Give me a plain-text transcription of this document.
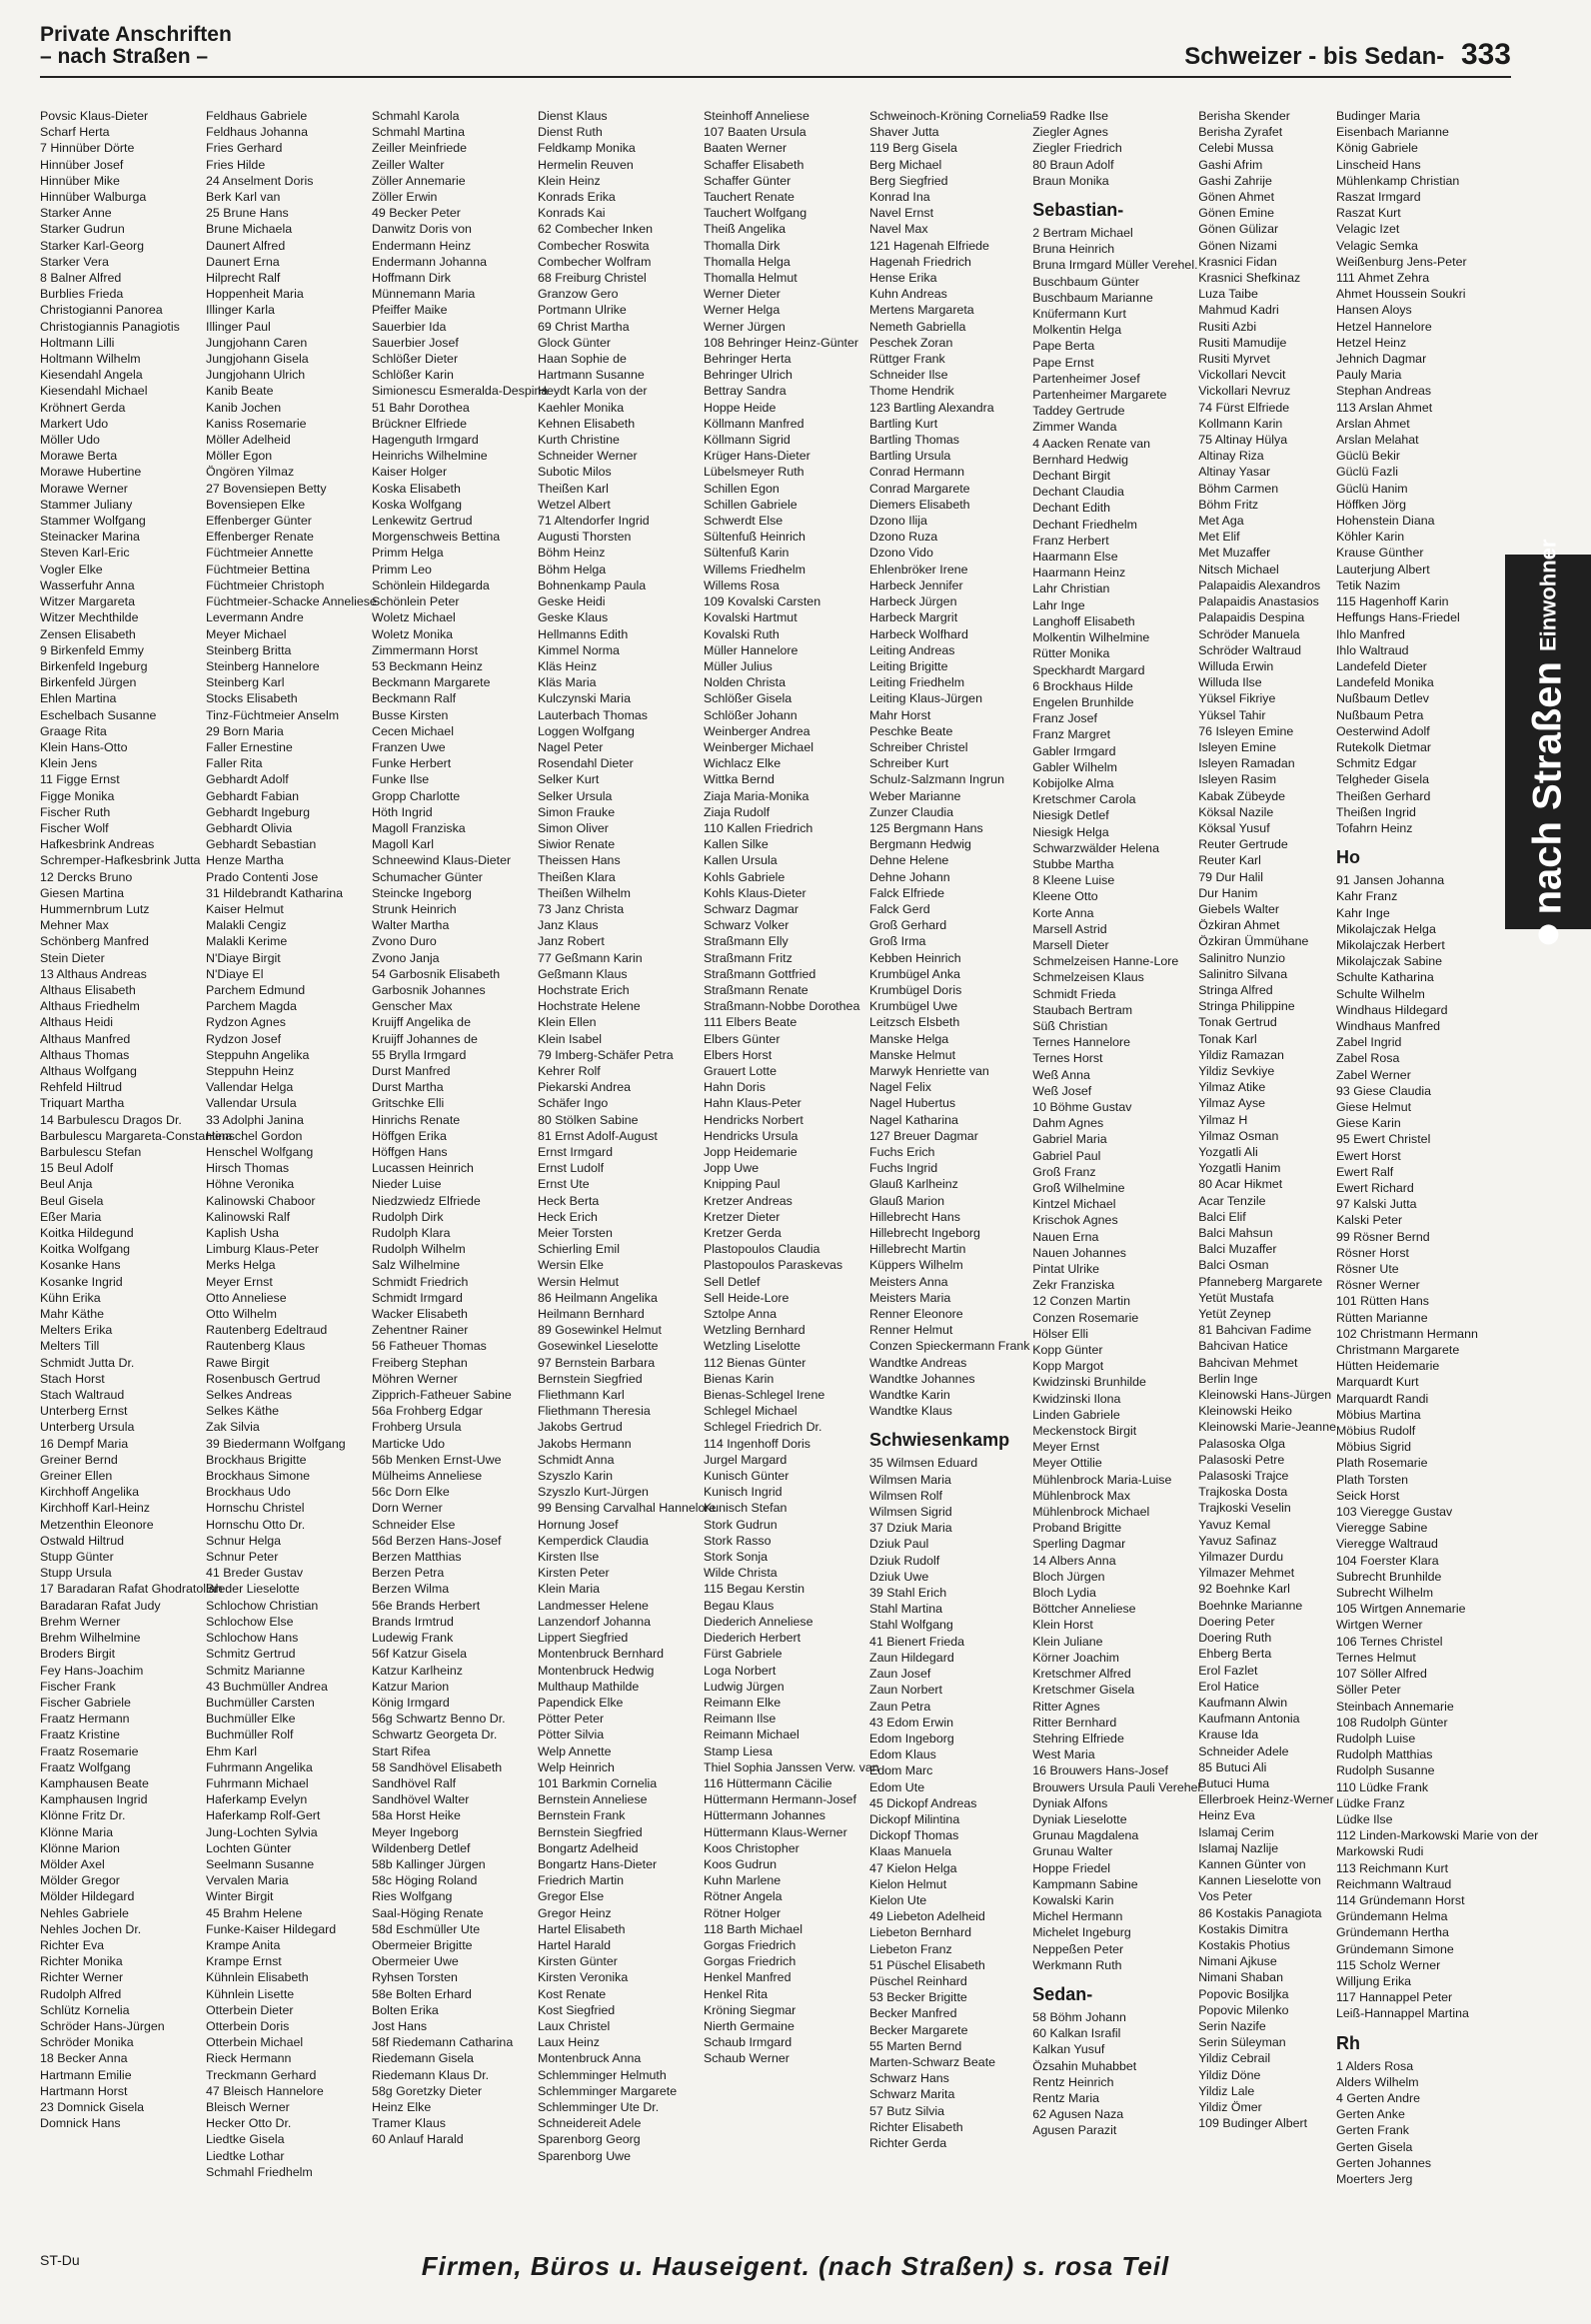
Private Anschriften
– nach Straßen –	Schweizer - bis Sedan- 333
Povsic Klaus-Dieter
Scharf Herta
7 Hinnüber Dörte
Hinnüber Josef
Hinnüber Mike
Hinnüber Walburga
Starker Anne
Starker Gudrun
Starker Karl-Georg
Starker Vera
8 Balner Alfred
Burblies Frieda
Christogianni Panorea
Christogiannis Panagiotis
Holtmann Lilli
Holtmann Wilhelm
Kiesendahl Angela
Kiesendahl Michael
Kröhnert Gerda
Markert Udo
Möller Udo
Morawe Berta
Morawe Hubertine
Morawe Werner
Stammer Juliany
Stammer Wolfgang
Steinacker Marina
Steven Karl-Eric
Vogler Elke
Wasserfuhr Anna
Witzer Margareta
Witzer Mechthilde
Zensen Elisabeth
9 Birkenfeld Emmy
Birkenfeld Ingeburg
Birkenfeld Jürgen
Ehlen Martina
Eschelbach Susanne
Graage Rita
Klein Hans-Otto
Klein Jens
11 Figge Ernst
Figge Monika
Fischer Ruth
Fischer Wolf
Hafkesbrink Andreas
Schremper-Hafkesbrink Jutta
12 Dercks Bruno
Giesen Martina
Hummernbrum Lutz
Mehner Max
Schönberg Manfred
Stein Dieter
13 Althaus Andreas
Althaus Elisabeth
Althaus Friedhelm
Althaus Heidi
Althaus Manfred
Althaus Thomas
Althaus Wolfgang
Rehfeld Hiltrud
Triquart Martha
14 Barbulescu Dragos Dr.
Barbulescu Margareta-Constantina
Barbulescu Stefan
15 Beul Adolf
Beul Anja
Beul Gisela
Eßer Maria
Koitka Hildegund
Koitka Wolfgang
Kosanke Hans
Kosanke Ingrid
Kühn Erika
Mahr Käthe
Melters Erika
Melters Till
Schmidt Jutta Dr.
Stach Horst
Stach Waltraud
Unterberg Ernst
Unterberg Ursula
16 Dempf Maria
Greiner Bernd
Greiner Ellen
Kirchhoff Angelika
Kirchhoff Karl-Heinz
Metzenthin Eleonore
Ostwald Hiltrud
Stupp Günter
Stupp Ursula
17 Baradaran Rafat Ghodratollah
Baradaran Rafat Judy
Brehm Werner
Brehm Wilhelmine
Broders Birgit
Fey Hans-Joachim
Fischer Frank
Fischer Gabriele
Fraatz Hermann
Fraatz Kristine
Fraatz Rosemarie
Fraatz Wolfgang
Kamphausen Beate
Kamphausen Ingrid
Klönne Fritz Dr.
Klönne Maria
Klönne Marion
Mölder Axel
Mölder Gregor
Mölder Hildegard
Nehles Gabriele
Nehles Jochen Dr.
Richter Eva
Richter Monika
Richter Werner
Rudolph Alfred
Schlütz Kornelia
Schröder Hans-Jürgen
Schröder Monika
18 Becker Anna
Hartmann Emilie
Hartmann Horst
23 Domnick Gisela
Domnick Hans
Feldhaus Gabriele
Feldhaus Johanna
Fries Gerhard
Fries Hilde
24 Anselment Doris
Berk Karl van
25 Brune Hans
Brune Michaela
Daunert Alfred
Daunert Erna
Hilprecht Ralf
Hoppenheit Maria
Illinger Karla
Illinger Paul
Jungjohann Caren
Jungjohann Gisela
Jungjohann Ulrich
Kanib Beate
Kanib Jochen
Kaniss Rosemarie
Möller Adelheid
Möller Egon
Öngören Yilmaz
27 Bovensiepen Betty
Bovensiepen Elke
Effenberger Günter
Effenberger Renate
Füchtmeier Annette
Füchtmeier Bettina
Füchtmeier Christoph
Füchtmeier-Schacke Anneliese
Levermann Andre
Meyer Michael
Steinberg Britta
Steinberg Hannelore
Steinberg Karl
Stocks Elisabeth
Tinz-Füchtmeier Anselm
29 Born Maria
Faller Ernestine
Faller Rita
Gebhardt Adolf
Gebhardt Fabian
Gebhardt Ingeburg
Gebhardt Olivia
Gebhardt Sebastian
Henze Martha
Prado Contenti Jose
31 Hildebrandt Katharina
Kaiser Helmut
Malakli Cengiz
Malakli Kerime
N'Diaye Birgit
N'Diaye El
Parchem Edmund
Parchem Magda
Rydzon Agnes
Rydzon Josef
Steppuhn Angelika
Steppuhn Heinz
Vallendar Helga
Vallendar Ursula
33 Adolphi Janina
Henschel Gordon
Henschel Wolfgang
Hirsch Thomas
Höhne Veronika
Kalinowski Chaboor
Kalinowski Ralf
Kaplish Usha
Limburg Klaus-Peter
Merks Helga
Meyer Ernst
Otto Anneliese
Otto Wilhelm
Rautenberg Edeltraud
Rautenberg Klaus
Rawe Birgit
Rosenbusch Gertrud
Selkes Andreas
Selkes Käthe
Zak Silvia
39 Biedermann Wolfgang
Brockhaus Brigitte
Brockhaus Simone
Brockhaus Udo
Hornschu Christel
Hornschu Otto Dr.
Schnur Helga
Schnur Peter
41 Breder Gustav
Breder Lieselotte
Schlochow Christian
Schlochow Else
Schlochow Hans
Schmitz Gertrud
Schmitz Marianne
43 Buchmüller Andrea
Buchmüller Carsten
Buchmüller Elke
Buchmüller Rolf
Ehm Karl
Fuhrmann Angelika
Fuhrmann Michael
Haferkamp Evelyn
Haferkamp Rolf-Gert
Jung-Lochten Sylvia
Lochten Günter
Seelmann Susanne
Vervalen Maria
Winter Birgit
45 Brahm Helene
Funke-Kaiser Hildegard
Krampe Anita
Krampe Ernst
Kühnlein Elisabeth
Kühnlein Lisette
Otterbein Dieter
Otterbein Doris
Otterbein Michael
Rieck Hermann
Treckmann Gerhard
47 Bleisch Hannelore
Bleisch Werner
Hecker Otto Dr.
Liedtke Gisela
Liedtke Lothar
Schmahl Friedhelm
Schmahl Karola
Schmahl Martina
Zeiller Meinfriede
Zeiller Walter
Zöller Annemarie
Zöller Erwin
49 Becker Peter
Danwitz Doris von
Endermann Heinz
Endermann Johanna
Hoffmann Dirk
Münnemann Maria
Pfeiffer Maike
Sauerbier Ida
Sauerbier Josef
Schlößer Dieter
Schlößer Karin
Simionescu Esmeralda-Despina
51 Bahr Dorothea
Brückner Elfriede
Hagenguth Irmgard
Heinrichs Wilhelmine
Kaiser Holger
Koska Elisabeth
Koska Wolfgang
Lenkewitz Gertrud
Morgenschweis Bettina
Primm Helga
Primm Leo
Schönlein Hildegarda
Schönlein Peter
Woletz Michael
Woletz Monika
Zimmermann Horst
53 Beckmann Heinz
Beckmann Margarete
Beckmann Ralf
Busse Kirsten
Cecen Michael
Franzen Uwe
Funke Herbert
Funke Ilse
Gropp Charlotte
Höth Ingrid
Magoll Franziska
Magoll Karl
Schneewind Klaus-Dieter
Schumacher Günter
Steincke Ingeborg
Strunk Heinrich
Walter Martha
Zvono Duro
Zvono Janja
54 Garbosnik Elisabeth
Garbosnik Johannes
Genscher Max
Kruijff Angelika de
Kruijff Johannes de
55 Brylla Irmgard
Durst Manfred
Durst Martha
Gritschke Elli
Hinrichs Renate
Höffgen Erika
Höffgen Hans
Lucassen Heinrich
Nieder Luise
Niedzwiedz Elfriede
Rudolph Dirk
Rudolph Klara
Rudolph Wilhelm
Salz Wilhelmine
Schmidt Friedrich
Schmidt Irmgard
Wacker Elisabeth
Zehentner Rainer
56 Fatheuer Thomas
Freiberg Stephan
Möhren Werner
Zipprich-Fatheuer Sabine
56a Frohberg Edgar
Frohberg Ursula
Marticke Udo
56b Menken Ernst-Uwe
Mülheims Anneliese
56c Dorn Elke
Dorn Werner
Schneider Else
56d Berzen Hans-Josef
Berzen Matthias
Berzen Petra
Berzen Wilma
56e Brands Herbert
Brands Irmtrud
Ludewig Frank
56f Katzur Gisela
Katzur Karlheinz
Katzur Marion
König Irmgard
56g Schwartz Benno Dr.
Schwartz Georgeta Dr.
Start Rifea
58 Sandhövel Elisabeth
Sandhövel Ralf
Sandhövel Walter
58a Horst Heike
Meyer Ingeborg
Wildenberg Detlef
58b Kallinger Jürgen
58c Höging Roland
Ries Wolfgang
Saal-Höging Renate
58d Eschmüller Ute
Obermeier Brigitte
Obermeier Uwe
Ryhsen Torsten
58e Bolten Erhard
Bolten Erika
Jost Hans
58f Riedemann Catharina
Riedemann Gisela
Riedemann Klaus Dr.
58g Goretzky Dieter
Heinz Elke
Tramer Klaus
60 Anlauf Harald
Dienst Klaus
Dienst Ruth
Feldkamp Monika
Hermelin Reuven
Klein Heinz
Konrads Erika
Konrads Kai
62 Combecher Inken
Combecher Roswita
Combecher Wolfram
68 Freiburg Christel
Granzow Gero
Portmann Ulrike
69 Christ Martha
Glock Günter
Haan Sophie de
Hartmann Susanne
Heydt Karla von der
Kaehler Monika
Kehnen Elisabeth
Kurth Christine
Schneider Werner
Subotic Milos
Theißen Karl
Wetzel Albert
71 Altendorfer Ingrid
Augusti Thorsten
Böhm Heinz
Böhm Helga
Bohnenkamp Paula
Geske Heidi
Geske Klaus
Hellmanns Edith
Kimmel Norma
Kläs Heinz
Kläs Maria
Kulczynski Maria
Lauterbach Thomas
Loggen Wolfgang
Nagel Peter
Rosendahl Dieter
Selker Kurt
Selker Ursula
Simon Frauke
Simon Oliver
Siwior Renate
Theissen Hans
Theißen Klara
Theißen Wilhelm
73 Janz Christa
Janz Klaus
Janz Robert
77 Geßmann Karin
Geßmann Klaus
Hochstrate Erich
Hochstrate Helene
Klein Ellen
Klein Isabel
79 Imberg-Schäfer Petra
Kehrer Rolf
Piekarski Andrea
Schäfer Ingo
80 Stölken Sabine
81 Ernst Adolf-August
Ernst Irmgard
Ernst Ludolf
Ernst Ute
Heck Berta
Heck Erich
Meier Torsten
Schierling Emil
Wersin Elke
Wersin Helmut
86 Heilmann Angelika
Heilmann Bernhard
89 Gosewinkel Helmut
Gosewinkel Lieselotte
97 Bernstein Barbara
Bernstein Siegfried
Fliethmann Karl
Fliethmann Theresia
Jakobs Gertrud
Jakobs Hermann
Schmidt Anna
Szyszlo Karin
Szyszlo Kurt-Jürgen
99 Bensing Carvalhal Hannelore
Hornung Josef
Kemperdick Claudia
Kirsten Ilse
Kirsten Peter
Klein Maria
Landmesser Helene
Lanzendorf Johanna
Lippert Siegfried
Montenbruck Bernhard
Montenbruck Hedwig
Multhaup Mathilde
Papendick Elke
Pötter Peter
Pötter Silvia
Welp Annette
Welp Heinrich
101 Barkmin Cornelia
Bernstein Anneliese
Bernstein Frank
Bernstein Siegfried
Bongartz Adelheid
Bongartz Hans-Dieter
Friedrich Martin
Gregor Else
Gregor Heinz
Hartel Elisabeth
Hartel Harald
Kirsten Günter
Kirsten Veronika
Kost Renate
Kost Siegfried
Laux Christel
Laux Heinz
Montenbruck Anna
Schlemminger Helmuth
Schlemminger Margarete
Schlemminger Ute Dr.
Schneidereit Adele
Sparenborg Georg
Sparenborg Uwe
Steinhoff Anneliese
107 Baaten Ursula
Baaten Werner
Schaffer Elisabeth
Schaffer Günter
Tauchert Renate
Tauchert Wolfgang
Theiß Angelika
Thomalla Dirk
Thomalla Helga
Thomalla Helmut
Werner Dieter
Werner Helga
Werner Jürgen
108 Behringer Heinz-Günter
Behringer Herta
Behringer Ulrich
Bettray Sandra
Hoppe Heide
Köllmann Manfred
Köllmann Sigrid
Krüger Hans-Dieter
Lübelsmeyer Ruth
Schillen Egon
Schillen Gabriele
Schwerdt Else
Sültenfuß Heinrich
Sültenfuß Karin
Willems Friedhelm
Willems Rosa
109 Kovalski Carsten
Kovalski Hartmut
Kovalski Ruth
Müller Hannelore
Müller Julius
Nolden Christa
Schlößer Gisela
Schlößer Johann
Weinberger Andrea
Weinberger Michael
Wichlacz Elke
Wittka Bernd
Ziaja Maria-Monika
Ziaja Rudolf
110 Kallen Friedrich
Kallen Silke
Kallen Ursula
Kohls Gabriele
Kohls Klaus-Dieter
Schwarz Dagmar
Schwarz Volker
Straßmann Elly
Straßmann Fritz
Straßmann Gottfried
Straßmann Renate
Straßmann-Nobbe Dorothea
111 Elbers Beate
Elbers Günter
Elbers Horst
Grauert Lotte
Hahn Doris
Hahn Klaus-Peter
Hendricks Norbert
Hendricks Ursula
Jopp Heidemarie
Jopp Uwe
Knipping Paul
Kretzer Andreas
Kretzer Dieter
Kretzer Gerda
Plastopoulos Claudia
Plastopoulos Paraskevas
Sell Detlef
Sell Heide-Lore
Sztolpe Anna
Wetzling Bernhard
Wetzling Liselotte
112 Bienas Günter
Bienas Karin
Bienas-Schlegel Irene
Schlegel Michael
Schlegel Friedrich Dr.
114 Ingenhoff Doris
Jurgel Margard
Kunisch Günter
Kunisch Ingrid
Kunisch Stefan
Stork Gudrun
Stork Rasso
Stork Sonja
Wilde Christa
115 Begau Kerstin
Begau Klaus
Diederich Anneliese
Diederich Herbert
Fürst Gabriele
Loga Norbert
Ludwig Jürgen
Reimann Elke
Reimann Ilse
Reimann Michael
Stamp Liesa
Thiel Sophia Janssen Verw. van
116 Hüttermann Cäcilie
Hüttermann Hermann-Josef
Hüttermann Johannes
Hüttermann Klaus-Werner
Koos Christopher
Koos Gudrun
Kuhn Marlene
Rötner Angela
Rötner Holger
118 Barth Michael
Gorgas Friedrich
Gorgas Friedrich
Henkel Manfred
Henkel Rita
Kröning Siegmar
Nierth Germaine
Schaub Irmgard
Schaub Werner
Schweinoch-Kröning Cornelia
Shaver Jutta
119 Berg Gisela
Berg Michael
Berg Siegfried
Konrad Ina
Navel Ernst
Navel Max
121 Hagenah Elfriede
Hagenah Friedrich
Hense Erika
Kuhn Andreas
Mertens Margareta
Nemeth Gabriella
Peschek Zoran
Rüttger Frank
Schneider Ilse
Thome Hendrik
123 Bartling Alexandra
Bartling Kurt
Bartling Thomas
Bartling Ursula
Conrad Hermann
Conrad Margarete
Diemers Elisabeth
Dzono Ilija
Dzono Ruza
Dzono Vido
Ehlenbröker Irene
Harbeck Jennifer
Harbeck Jürgen
Harbeck Margrit
Harbeck Wolfhard
Leiting Andreas
Leiting Brigitte
Leiting Friedhelm
Leiting Klaus-Jürgen
Mahr Horst
Peschke Beate
Schreiber Christel
Schreiber Kurt
Schulz-Salzmann Ingrun
Weber Marianne
Zunzer Claudia
125 Bergmann Hans
Bergmann Hedwig
Dehne Helene
Dehne Johann
Falck Elfriede
Falck Gerd
Groß Gerhard
Groß Irma
Kebben Heinrich
Krumbügel Anka
Krumbügel Doris
Krumbügel Uwe
Leitzsch Elsbeth
Manske Helga
Manske Helmut
Marwyk Henriette van
Nagel Felix
Nagel Hubertus
Nagel Katharina
127 Breuer Dagmar
Fuchs Erich
Fuchs Ingrid
Glauß Karlheinz
Glauß Marion
Hillebrecht Hans
Hillebrecht Ingeborg
Hillebrecht Martin
Küppers Wilhelm
Meisters Anna
Meisters Maria
Renner Eleonore
Renner Helmut
Conzen Spieckermann Frank
Wandtke Andreas
Wandtke Johannes
Wandtke Karin
Wandtke Klaus
Schwiesenkamp
35 Wilmsen Eduard
Wilmsen Maria
Wilmsen Rolf
Wilmsen Sigrid
37 Dziuk Maria
Dziuk Paul
Dziuk Rudolf
Dziuk Uwe
39 Stahl Erich
Stahl Martina
Stahl Wolfgang
41 Bienert Frieda
Zaun Hildegard
Zaun Josef
Zaun Norbert
Zaun Petra
43 Edom Erwin
Edom Ingeborg
Edom Klaus
Edom Marc
Edom Ute
45 Dickopf Andreas
Dickopf Milintina
Dickopf Thomas
Klaas Manuela
47 Kielon Helga
Kielon Helmut
Kielon Ute
49 Liebeton Adelheid
Liebeton Bernhard
Liebeton Franz
51 Püschel Elisabeth
Püschel Reinhard
53 Becker Brigitte
Becker Manfred
Becker Margarete
55 Marten Bernd
Marten-Schwarz Beate
Schwarz Hans
Schwarz Marita
57 Butz Silvia
Richter Elisabeth
Richter Gerda
59 Radke Ilse
Ziegler Agnes
Ziegler Friedrich
80 Braun Adolf
Braun Monika
Sebastian-
2 Bertram Michael
Bruna Heinrich
Bruna Irmgard Müller Verehel.
Buschbaum Günter
Buschbaum Marianne
Knüfermann Kurt
Molkentin Helga
Pape Berta
Pape Ernst
Partenheimer Josef
Partenheimer Margarete
Taddey Gertrude
Zimmer Wanda
4 Aacken Renate van
Bernhard Hedwig
Dechant Birgit
Dechant Claudia
Dechant Edith
Dechant Friedhelm
Franz Herbert
Haarmann Else
Haarmann Heinz
Lahr Christian
Lahr Inge
Langhoff Elisabeth
Molkentin Wilhelmine
Rütter Monika
Speckhardt Margard
6 Brockhaus Hilde
Engelen Brunhilde
Franz Josef
Franz Margret
Gabler Irmgard
Gabler Wilhelm
Kobijolke Alma
Kretschmer Carola
Niesigk Detlef
Niesigk Helga
Schwarzwälder Helena
Stubbe Martha
8 Kleene Luise
Kleene Otto
Korte Anna
Marsell Astrid
Marsell Dieter
Schmelzeisen Hanne-Lore
Schmelzeisen Klaus
Schmidt Frieda
Staubach Bertram
Süß Christian
Ternes Hannelore
Ternes Horst
Weß Anna
Weß Josef
10 Böhme Gustav
Dahm Agnes
Gabriel Maria
Gabriel Paul
Groß Franz
Groß Wilhelmine
Kintzel Michael
Krischok Agnes
Nauen Erna
Nauen Johannes
Pintat Ulrike
Zekr Franziska
12 Conzen Martin
Conzen Rosemarie
Hölser Elli
Kopp Günter
Kopp Margot
Kwidzinski Brunhilde
Kwidzinski Ilona
Linden Gabriele
Meckenstock Birgit
Meyer Ernst
Meyer Ottilie
Mühlenbrock Maria-Luise
Mühlenbrock Max
Mühlenbrock Michael
Proband Brigitte
Sperling Dagmar
14 Albers Anna
Bloch Jürgen
Bloch Lydia
Böttcher Anneliese
Klein Horst
Klein Juliane
Körner Joachim
Kretschmer Alfred
Kretschmer Gisela
Ritter Agnes
Ritter Bernhard
Stehring Elfriede
West Maria
16 Brouwers Hans-Josef
Brouwers Ursula Pauli Verehel.
Dyniak Alfons
Dyniak Lieselotte
Grunau Magdalena
Grunau Walter
Hoppe Friedel
Kampmann Sabine
Kowalski Karin
Michel Hermann
Michelet Ingeburg
Neppeßen Peter
Werkmann Ruth
Sedan-
58 Böhm Johann
60 Kalkan Israfil
Kalkan Yusuf
Özsahin Muhabbet
Rentz Heinrich
Rentz Maria
62 Agusen Naza
Agusen Parazit
Berisha Skender
Berisha Zyrafet
Celebi Mussa
Gashi Afrim
Gashi Zahrije
Gönen Ahmet
Gönen Emine
Gönen Gülizar
Gönen Nizami
Krasnici Fidan
Krasnici Shefkinaz
Luza Taibe
Mahmud Kadri
Rusiti Azbi
Rusiti Mamudije
Rusiti Myrvet
Vickollari Nevcit
Vickollari Nevruz
74 Fürst Elfriede
Kollmann Karin
75 Altinay Hülya
Altinay Riza
Altinay Yasar
Böhm Carmen
Böhm Fritz
Met Aga
Met Elif
Met Muzaffer
Nitsch Michael
Palapaidis Alexandros
Palapaidis Anastasios
Palapaidis Despina
Schröder Manuela
Schröder Waltraud
Willuda Erwin
Willuda Ilse
Yüksel Fikriye
Yüksel Tahir
76 Isleyen Emine
Isleyen Emine
Isleyen Ramadan
Isleyen Rasim
Kabak Zübeyde
Köksal Nazile
Köksal Yusuf
Reuter Gertrude
Reuter Karl
79 Dur Halil
Dur Hanim
Giebels Walter
Özkiran Ahmet
Özkiran Ümmühane
Salinitro Nunzio
Salinitro Silvana
Stringa Alfred
Stringa Philippine
Tonak Gertrud
Tonak Karl
Yildiz Ramazan
Yildiz Sevkiye
Yilmaz Atike
Yilmaz Ayse
Yilmaz H
Yilmaz Osman
Yozgatli Ali
Yozgatli Hanim
80 Acar Hikmet
Acar Tenzile
Balci Elif
Balci Mahsun
Balci Muzaffer
Balci Osman
Pfanneberg Margarete
Yetüt Mustafa
Yetüt Zeynep
81 Bahcivan Fadime
Bahcivan Hatice
Bahcivan Mehmet
Berlin Inge
Kleinowski Hans-Jürgen
Kleinowski Heiko
Kleinowski Marie-Jeanne
Palasoska Olga
Palasoski Petre
Palasoski Trajce
Trajkoska Dosta
Trajkoski Veselin
Yavuz Kemal
Yavuz Safinaz
Yilmazer Durdu
Yilmazer Mehmet
92 Boehnke Karl
Boehnke Marianne
Doering Peter
Doering Ruth
Ehberg Berta
Erol Fazlet
Erol Hatice
Kaufmann Alwin
Kaufmann Antonia
Krause Ida
Schneider Adele
85 Butuci Ali
Butuci Huma
Ellerbroek Heinz-Werner
Heinz Eva
Islamaj Cerim
Islamaj Nazlije
Kannen Günter von
Kannen Lieselotte von
Vos Peter
86 Kostakis Panagiota
Kostakis Dimitra
Kostakis Photius
Nimani Ajkuse
Nimani Shaban
Popovic Bosiljka
Popovic Milenko
Serin Nazife
Serin Süleyman
Yildiz Cebrail
Yildiz Döne
Yildiz Lale
Yildiz Ömer
109 Budinger Albert
Budinger Maria
Eisenbach Marianne
König Gabriele
Linscheid Hans
Mühlenkamp Christian
Raszat Irmgard
Raszat Kurt
Velagic Izet
Velagic Semka
Weißenburg Jens-Peter
111 Ahmet Zehra
Ahmet Houssein Soukri
Hansen Aloys
Hetzel Hannelore
Hetzel Heinz
Jehnich Dagmar
Pauly Maria
Stephan Andreas
113 Arslan Ahmet
Arslan Ahmet
Arslan Melahat
Güclü Bekir
Güclü Fazli
Güclü Hanim
Höffken Jörg
Hohenstein Diana
Köhler Karin
Krause Günther
Lauterjung Albert
Tetik Nazim
115 Hagenhoff Karin
Heffungs Hans-Friedel
Ihlo Manfred
Ihlo Waltraud
Landefeld Dieter
Landefeld Monika
Nußbaum Detlev
Nußbaum Petra
Oesterwind Adolf
Rutekolk Dietmar
Schmitz Edgar
Telgheder Gisela
Theißen Gerhard
Theißen Ingrid
Tofahrn Heinz
Ho
91 Jansen Johanna
Kahr Franz
Kahr Inge
Mikolajczak Helga
Mikolajczak Herbert
Mikolajczak Sabine
Schulte Katharina
Schulte Wilhelm
Windhaus Hildegard
Windhaus Manfred
Zabel Ingrid
Zabel Rosa
Zabel Werner
93 Giese Claudia
Giese Helmut
Giese Karin
95 Ewert Christel
Ewert Horst
Ewert Ralf
Ewert Richard
97 Kalski Jutta
Kalski Peter
99 Rösner Bernd
Rösner Horst
Rösner Ute
Rösner Werner
101 Rütten Hans
Rütten Marianne
102 Christmann Hermann
Christmann Margarete
Hütten Heidemarie
Marquardt Kurt
Marquardt Randi
Möbius Martina
Möbius Rudolf
Möbius Sigrid
Plath Rosemarie
Plath Torsten
Seick Horst
103 Vieregge Gustav
Vieregge Sabine
Vieregge Waltraud
104 Foerster Klara
Subrecht Brunhilde
Subrecht Wilhelm
105 Wirtgen Annemarie
Wirtgen Werner
106 Ternes Christel
Ternes Helmut
107 Söller Alfred
Söller Peter
Steinbach Annemarie
108 Rudolph Günter
Rudolph Luise
Rudolph Matthias
Rudolph Susanne
110 Lüdke Frank
Lüdke Franz
Lüdke Ilse
112 Linden-Markowski Marie von der
Markowski Rudi
113 Reichmann Kurt
Reichmann Waltraud
114 Gründemann Horst
Gründemann Helma
Gründemann Hertha
Gründemann Simone
115 Scholz Werner
Willjung Erika
117 Hannappel Peter
Leiß-Hannappel Martina
Rh
1 Alders Rosa
Alders Wilhelm
4 Gerten Andre
Gerten Anke
Gerten Frank
Gerten Gisela
Gerten Johannes
Moerters Jerg
nach Straßen
Einwohner
ST-Du	Firmen, Büros u. Hauseigent. (nach Straßen) s. rosa Teil
